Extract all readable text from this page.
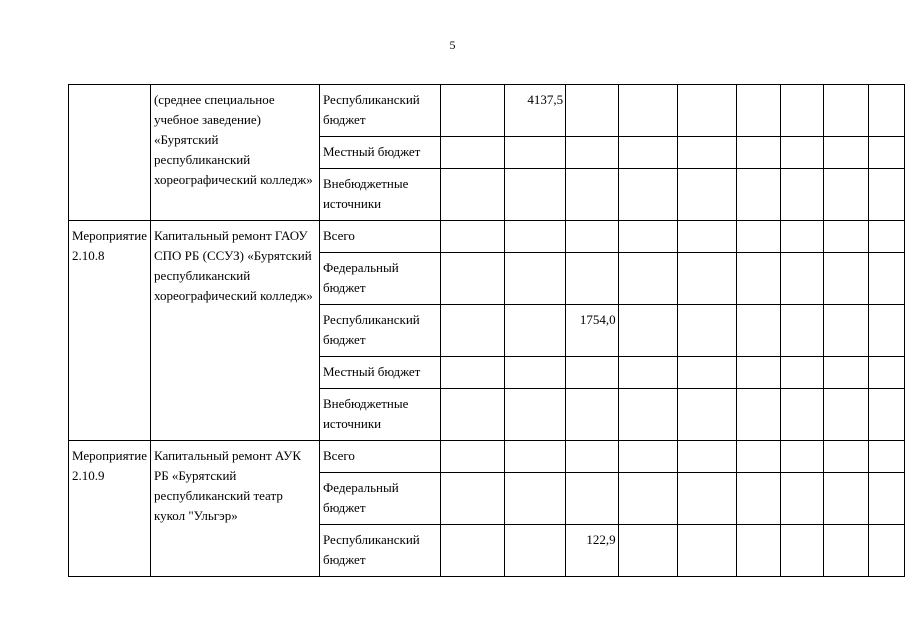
5
	(среднее специальное учебное заведение) «Бурятский республиканский хореографический колледж»	Республиканский бюджет		4137,5							
		Местный бюджет									
		Внебюджетные источники									
Мероприятие 2.10.8	Капитальный ремонт ГАОУ СПО РБ (ССУЗ) «Бурятский республиканский хореографический колледж»	Всего									
		Федеральный бюджет									
		Республиканский бюджет			1754,0						
		Местный бюджет									
		Внебюджетные источники									
Мероприятие 2.10.9	Капитальный ремонт АУК РБ «Бурятский республиканский театр кукол "Ульгэр»	Всего									
		Федеральный бюджет									
		Республиканский бюджет			122,9						
